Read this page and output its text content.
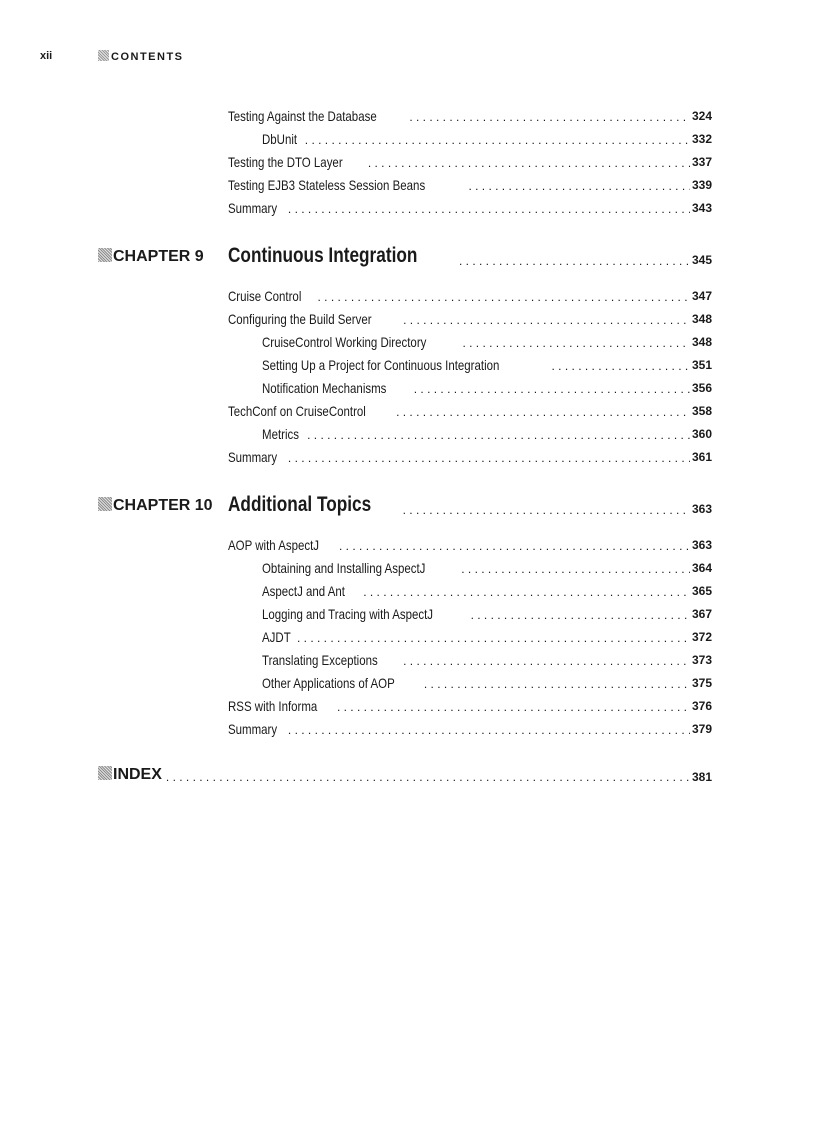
xii	CONTENTS
Testing Against the Database . . .	324
DbUnit . . .	332
Testing the DTO Layer . . .	337
Testing EJB3 Stateless Session Beans . . .	339
Summary . . .	343
CHAPTER 9 Continuous Integration . . .	345
Cruise Control . . .	347
Configuring the Build Server . . .	348
CruiseControl Working Directory . . .	348
Setting Up a Project for Continuous Integration . . .	351
Notification Mechanisms . . .	356
TechConf on CruiseControl . . .	358
Metrics . . .	360
Summary . . .	361
CHAPTER 10 Additional Topics . . .	363
AOP with AspectJ . . .	363
Obtaining and Installing AspectJ . . .	364
AspectJ and Ant . . .	365
Logging and Tracing with AspectJ . . .	367
AJDT . . .	372
Translating Exceptions . . .	373
Other Applications of AOP . . .	375
RSS with Informa . . .	376
Summary . . .	379
INDEX . . .	381
